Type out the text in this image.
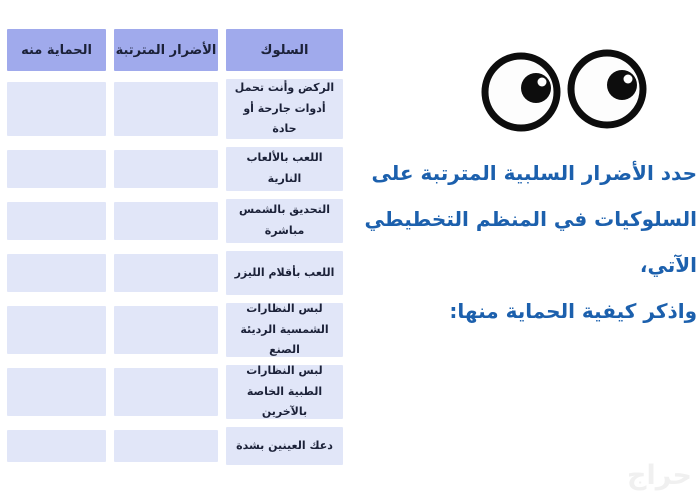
السلوك
الأضرار المترتبة
الحماية منه
الركض وأنت تحمل أدوات جارحة أو حادة
اللعب بالألعاب النارية
التحديق بالشمس مباشرة
اللعب بأقلام الليزر
لبس النظارات الشمسية الرديئة الصنع
لبس النظارات الطبية الخاصة بالآخرين
دعك العينين بشدة
حدد الأضرار السلبية المترتبة على
السلوكيات في المنظم التخطيطي الآتي،
واذكر كيفية الحماية منها:
حراج
